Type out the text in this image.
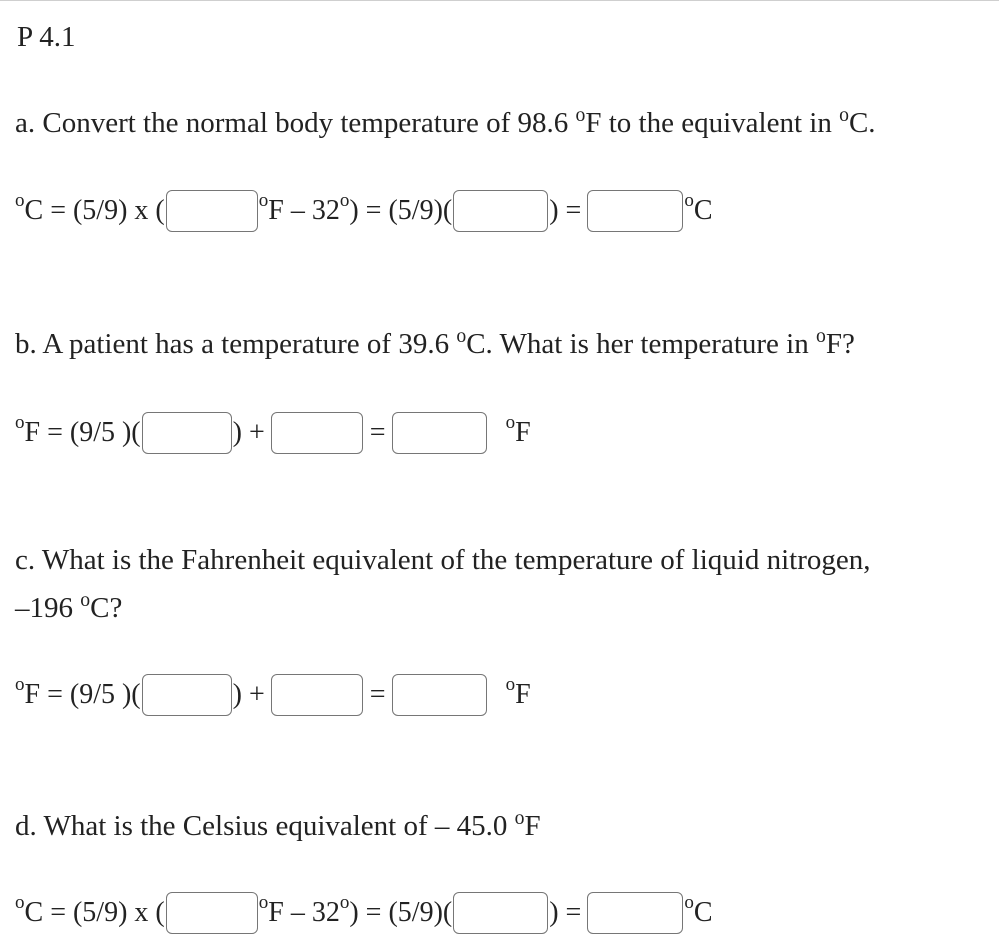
P 4.1
a. Convert the normal body temperature of 98.6 $^o$F to the equivalent in $^o$C.
$^o$ C = (5/9) x (	$^o$ F – 32 $^o$ ) = (5/9)(	) =	$^o$ C
b. A patient has a temperature of 39.6 $^o$C. What is her temperature in $^o$F?
$^o$ F = (9/5 )(	) +	=	$^o$ F
c. What is the Fahrenheit equivalent of the temperature of liquid nitrogen,
–196 $^o$C?
$^o$ F = (9/5 )(	) +	=	$^o$ F
d. What is the Celsius equivalent of – 45.0 $^o$F
$^o$ C = (5/9) x (	$^o$ F – 32 $^o$ ) = (5/9)(	) =	$^o$ C
